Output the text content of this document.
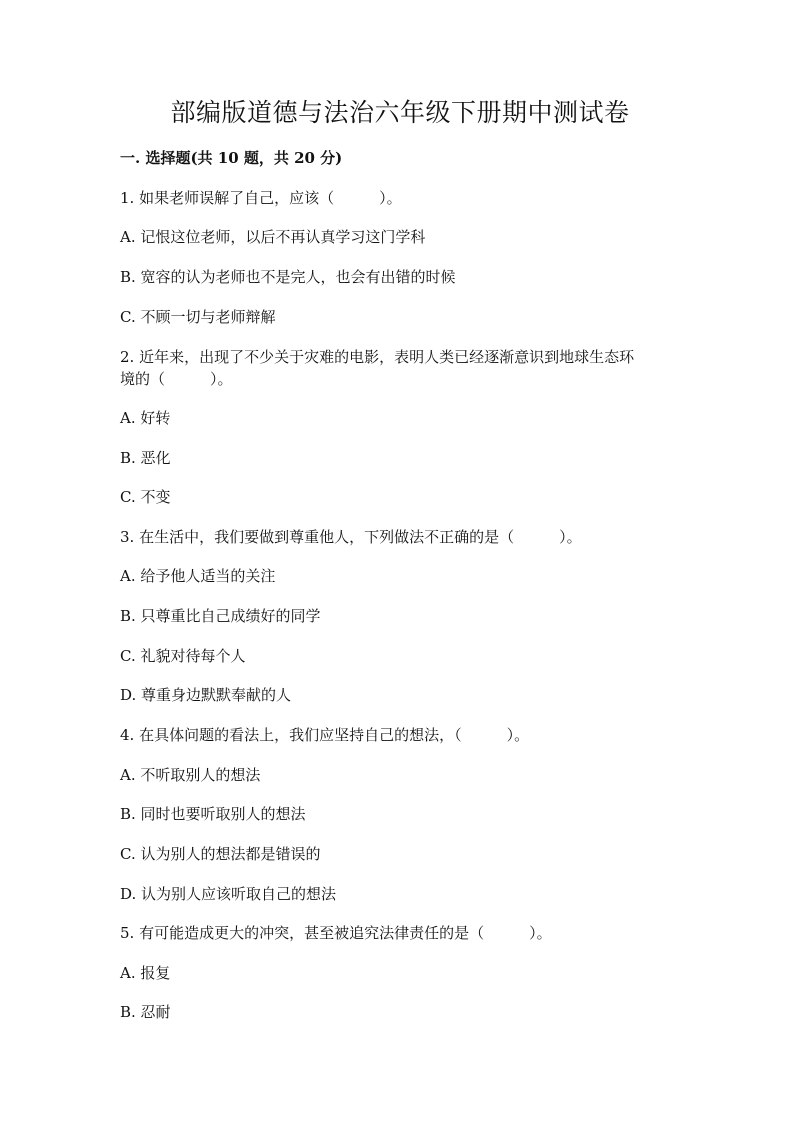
部编版道德与法治六年级下册期中测试卷
一. 选择题(共 10 题，共 20 分)
1. 如果老师误解了自己，应该（　　　）。
A. 记恨这位老师，以后不再认真学习这门学科
B. 宽容的认为老师也不是完人，也会有出错的时候
C. 不顾一切与老师辩解
2. 近年来，出现了不少关于灾难的电影，表明人类已经逐渐意识到地球生态环
境的（　　　）。
A. 好转
B. 恶化
C. 不变
3. 在生活中，我们要做到尊重他人，下列做法不正确的是（　　　）。
A. 给予他人适当的关注
B. 只尊重比自己成绩好的同学
C. 礼貌对待每个人
D. 尊重身边默默奉献的人
4. 在具体问题的看法上，我们应坚持自己的想法，（　　　）。
A. 不听取别人的想法
B. 同时也要听取别人的想法
C. 认为别人的想法都是错误的
D. 认为别人应该听取自己的想法
5. 有可能造成更大的冲突，甚至被追究法律责任的是（　　　）。
A. 报复
B. 忍耐
